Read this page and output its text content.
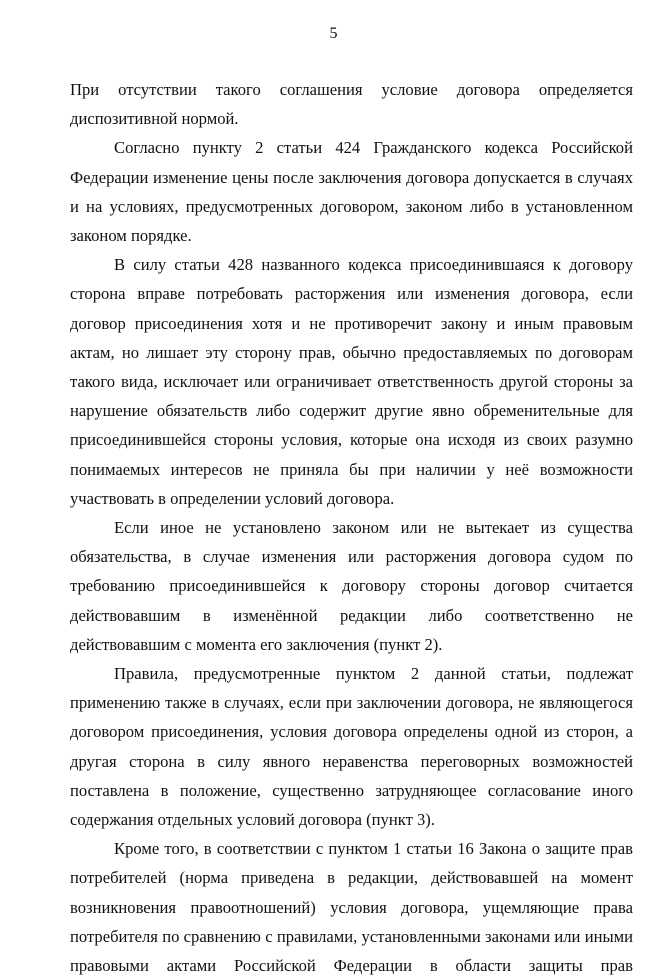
5

При отсутствии такого соглашения условие договора определяется диспозитивной нормой.

Согласно пункту 2 статьи 424 Гражданского кодекса Российской Федерации изменение цены после заключения договора допускается в случаях и на условиях, предусмотренных договором, законом либо в установленном законом порядке.

В силу статьи 428 названного кодекса присоединившаяся к договору сторона вправе потребовать расторжения или изменения договора, если договор присоединения хотя и не противоречит закону и иным правовым актам, но лишает эту сторону прав, обычно предоставляемых по договорам такого вида, исключает или ограничивает ответственность другой стороны за нарушение обязательств либо содержит другие явно обременительные для присоединившейся стороны условия, которые она исходя из своих разумно понимаемых интересов не приняла бы при наличии у неё возможности участвовать в определении условий договора.

Если иное не установлено законом или не вытекает из существа обязательства, в случае изменения или расторжения договора судом по требованию присоединившейся к договору стороны договор считается действовавшим в изменённой редакции либо соответственно не действовавшим с момента его заключения (пункт 2).

Правила, предусмотренные пунктом 2 данной статьи, подлежат применению также в случаях, если при заключении договора, не являющегося договором присоединения, условия договора определены одной из сторон, а другая сторона в силу явного неравенства переговорных возможностей поставлена в положение, существенно затрудняющее согласование иного содержания отдельных условий договора (пункт 3).

Кроме того, в соответствии с пунктом 1 статьи 16 Закона о защите прав потребителей (норма приведена в редакции, действовавшей на момент возникновения правоотношений) условия договора, ущемляющие права потребителя по сравнению с правилами, установленными законами или иными правовыми актами Российской Федерации в области защиты прав
